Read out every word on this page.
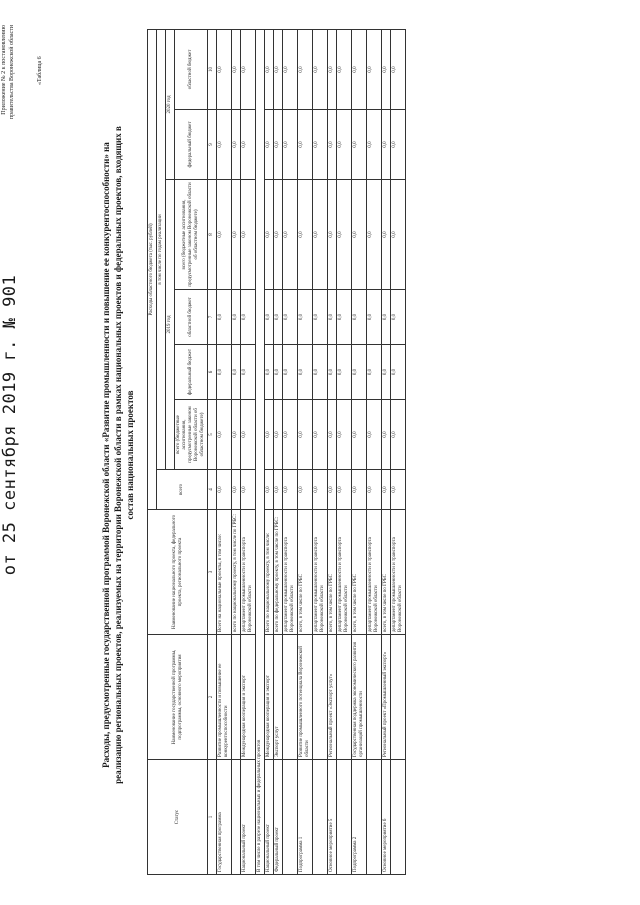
от 25 сентября 2019 г. № 901
Приложение № 2 к постановлению правительства Воронежской области	«Таблица 6
Расходы, предусмотренные государственной программой Воронежской области «Развитие промышленности и повышение ее конкурентоспособности» на реализацию региональных проектов, реализуемых на территории Воронежской области в рамках национальных проектов и федеральных проектов, входящих в состав национальных проектов
Статус	Наименование государственной программы, подпрограммы, основного мероприятия	Наименование национального проекта, федерального проекта, регионального проекта	Расходы областного бюджета (тыс. рублей)						
			всего	в том числе по годам реализации					
				2019 год				2020 год	
				всего (бюджетные ассигнования, предусмотренные законом Воронежской области об областном бюджете)	федеральный бюджет	областной бюджет	всего (бюджетные ассигнования, предусмотренные законом Воронежской области об областном бюджете)	федеральный бюджет	областной бюджет
1	2	3	4	5	6	7	8	9	10
Государственная программа	Развитие промышленности и повышение ее конкурентоспособности	Всего на национальные проекты, в том числе:	0,0	0,0	0,0	0,0	0,0	0,0	0,0
		всего по национальному проекту, в том числе по ГРБС:	0,0	0,0	0,0	0,0	0,0	0,0	0,0
Национальный проект	Международная кооперация и экспорт	департамент промышленности и транспорта Воронежской области	0,0	0,0	0,0	0,0	0,0	0,0	0,0
В том числе в разрезе национальных и федеральных проектов									
Национальный проект	Международная кооперация и экспорт	Всего по национальному проекту, в том числе:	0,0	0,0	0,0	0,0	0,0	0,0	0,0
Федеральный проект	Экспорт услуг	всего по федеральному проекту, в том числе по ГРБС:	0,0	0,0	0,0	0,0	0,0	0,0	0,0
		департамент промышленности и транспорта Воронежской области	0,0	0,0	0,0	0,0	0,0	0,0	0,0
Подпрограмма 1	Развитие промышленного потенциала Воронежской области	всего, в том числе по ГРБС	0,0	0,0	0,0	0,0	0,0	0,0	0,0
		департамент промышленности и транспорта Воронежской области	0,0	0,0	0,0	0,0	0,0	0,0	0,0
Основное мероприятие 5	Региональный проект «Экспорт услуг»	всего, в том числе по ГРБС	0,0	0,0	0,0	0,0	0,0	0,0	0,0
		департамент промышленности и транспорта Воронежской области	0,0	0,0	0,0	0,0	0,0	0,0	0,0
Подпрограмма 2	Государственная поддержка экономического развития организаций промышленности	всего, в том числе по ГРБС	0,0	0,0	0,0	0,0	0,0	0,0	0,0
		департамент промышленности и транспорта Воронежской области	0,0	0,0	0,0	0,0	0,0	0,0	0,0
Основное мероприятие 6	Региональный проект «Промышленный экспорт»	всего, в том числе по ГРБС	0,0	0,0	0,0	0,0	0,0	0,0	0,0
		департамент промышленности и транспорта Воронежской области	0,0	0,0	0,0	0,0	0,0	0,0	0,0
